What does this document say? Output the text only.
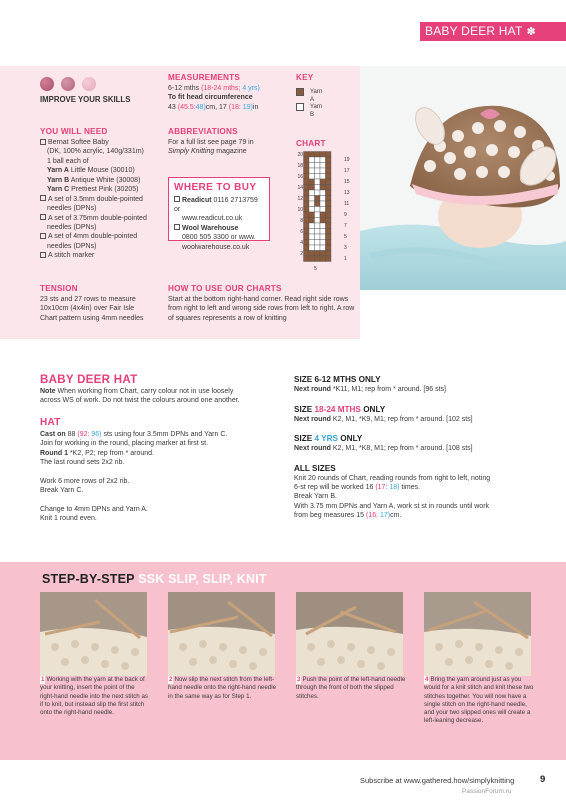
BABY DEER HAT ✽
IMPROVE YOUR SKILLS
YOU WILL NEED
Bernat Softee Baby
(DK, 100% acrylic, 140g/331m)
1 ball each of
Yarn A Little Mouse (30010)
Yarn B Antique White (30008)
Yarn C Prettiest Pink (30205)
A set of 3.5mm double-pointed
needles (DPNs)
A set of 3.75mm double-pointed
needles (DPNs)
A set of 4mm double-pointed
needles (DPNs)
A stitch marker
TENSION
23 sts and 27 rows to measure
10x10cm (4x4in) over Fair Isle
Chart pattern using 4mm needles
MEASUREMENTS
6-12 mths (18-24 mths; 4 yrs)
To fit head circumference
43 (45.5:48)cm, 17 (18: 19)in
ABBREVIATIONS
For a full list see page 79 in
Simply Knitting magazine
WHERE TO BUY
Readicut 0116 2713759 or
www.readicut.co.uk
Wool Warehouse
0800 505 3300 or www.
woolwarehouse.co.uk
KEY
Yarn A
Yarn B
CHART
20
18
16
14
12
10
8
6
4
2
19
17
15
13
11
9
7
5
3
1
5
HOW TO USE OUR CHARTS
Start at the bottom right-hand corner. Read right side rows
from right to left and wrong side rows from left to right. A row
of squares represents a row of knitting
BABY DEER HAT
Note When working from Chart, carry colour not in use loosely
across WS of work. Do not twist the colours around one another.
HAT
Cast on 88 (92: 96) sts using four 3.5mm DPNs and Yarn C.
Join for working in the round, placing marker at first st.
Round 1 *K2, P2; rep from * around.
The last round sets 2x2 rib.
Work 6 more rows of 2x2 rib.
Break Yarn C.
Change to 4mm DPNs and Yarn A.
Knit 1 round even.
SIZE 6-12 MTHS ONLY
Next round *K11, M1; rep from * around. [96 sts]
SIZE 18-24 MTHS ONLY
Next round K2, M1, *K9, M1; rep from * around. [102 sts]
SIZE 4 YRS ONLY
Next round K2, M1, *K8, M1; rep from * around. [108 sts]
ALL SIZES
Knit 20 rounds of Chart, reading rounds from right to left, noting
6-st rep will be worked 16 (17: 18) times.
Break Yarn B.
With 3.75 mm DPNs and Yarn A, work st st in rounds until work
from beg measures 15 (16: 17)cm.
STEP-BY-STEP SSK SLIP, SLIP, KNIT
1 Working with the yarn at the back of your knitting, insert the point of the right-hand needle into the next stitch as if to knit, but instead slip the first stitch onto the right-hand needle.
2 Now slip the next stitch from the left-hand needle onto the right-hand needle in the same way as for Step 1.
3 Push the point of the left-hand needle through the front of both the slipped stitches.
4 Bring the yarn around just as you would for a knit stitch and knit these two stitches together. You will now have a single stitch on the right-hand needle, and your two slipped ones will create a left-leaning decrease.
Subscribe at www.gathered.how/simplyknitting	9
PassionForum.ru
